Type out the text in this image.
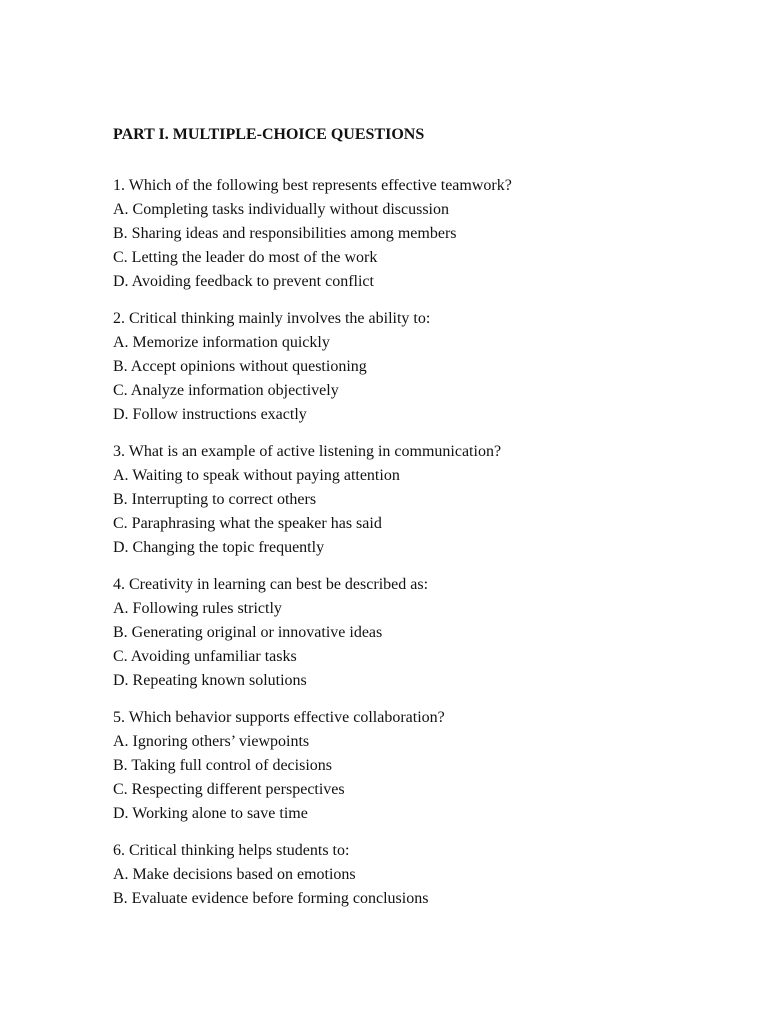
PART I. MULTIPLE-CHOICE QUESTIONS
1. Which of the following best represents effective teamwork?
A. Completing tasks individually without discussion
B. Sharing ideas and responsibilities among members
C. Letting the leader do most of the work
D. Avoiding feedback to prevent conflict
2. Critical thinking mainly involves the ability to:
A. Memorize information quickly
B. Accept opinions without questioning
C. Analyze information objectively
D. Follow instructions exactly
3. What is an example of active listening in communication?
A. Waiting to speak without paying attention
B. Interrupting to correct others
C. Paraphrasing what the speaker has said
D. Changing the topic frequently
4. Creativity in learning can best be described as:
A. Following rules strictly
B. Generating original or innovative ideas
C. Avoiding unfamiliar tasks
D. Repeating known solutions
5. Which behavior supports effective collaboration?
A. Ignoring others’ viewpoints
B. Taking full control of decisions
C. Respecting different perspectives
D. Working alone to save time
6. Critical thinking helps students to:
A. Make decisions based on emotions
B. Evaluate evidence before forming conclusions
